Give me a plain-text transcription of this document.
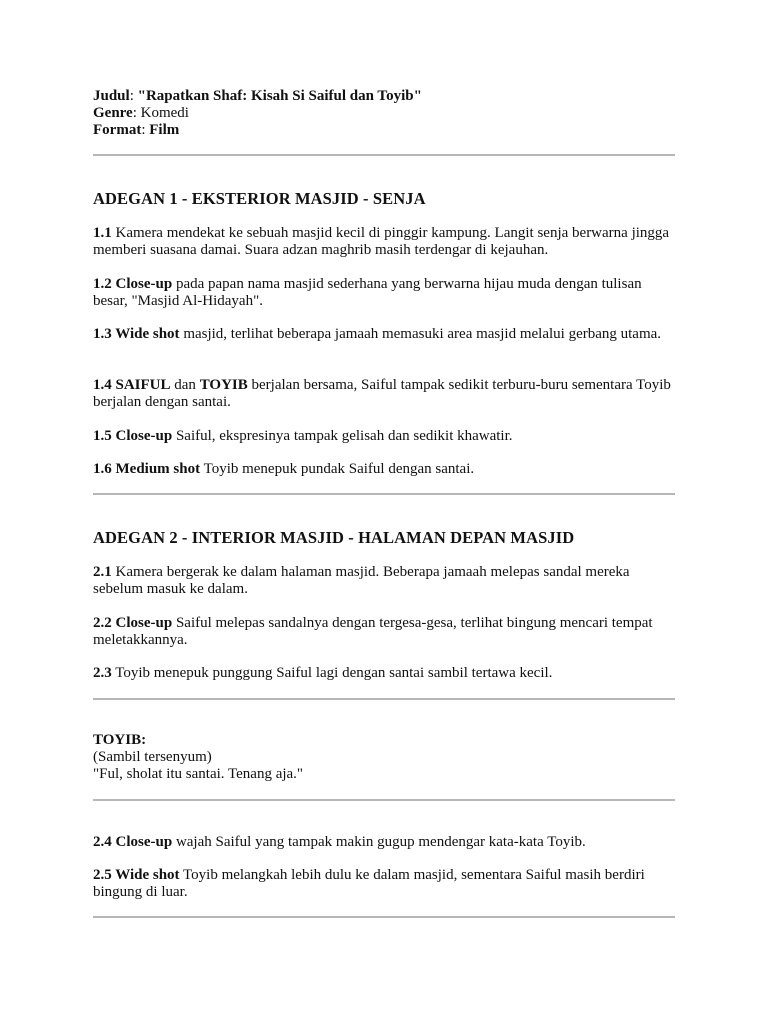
Judul: "Rapatkan Shaf: Kisah Si Saiful dan Toyib"
Genre: Komedi
Format: Film
ADEGAN 1 - EKSTERIOR MASJID - SENJA

1.1 Kamera mendekat ke sebuah masjid kecil di pinggir kampung. Langit senja berwarna jingga memberi suasana damai. Suara adzan maghrib masih terdengar di kejauhan.

1.2 Close-up pada papan nama masjid sederhana yang berwarna hijau muda dengan tulisan besar, "Masjid Al-Hidayah".

1.3 Wide shot masjid, terlihat beberapa jamaah memasuki area masjid melalui gerbang utama.

1.4 SAIFUL dan TOYIB berjalan bersama, Saiful tampak sedikit terburu-buru sementara Toyib berjalan dengan santai.

1.5 Close-up Saiful, ekspresinya tampak gelisah dan sedikit khawatir.

1.6 Medium shot Toyib menepuk pundak Saiful dengan santai.

ADEGAN 2 - INTERIOR MASJID - HALAMAN DEPAN MASJID

2.1 Kamera bergerak ke dalam halaman masjid. Beberapa jamaah melepas sandal mereka sebelum masuk ke dalam.

2.2 Close-up Saiful melepas sandalnya dengan tergesa-gesa, terlihat bingung mencari tempat meletakkannya.

2.3 Toyib menepuk punggung Saiful lagi dengan santai sambil tertawa kecil.

TOYIB:
(Sambil tersenyum)
"Ful, sholat itu santai. Tenang aja."

2.4 Close-up wajah Saiful yang tampak makin gugup mendengar kata-kata Toyib.

2.5 Wide shot Toyib melangkah lebih dulu ke dalam masjid, sementara Saiful masih berdiri bingung di luar.
